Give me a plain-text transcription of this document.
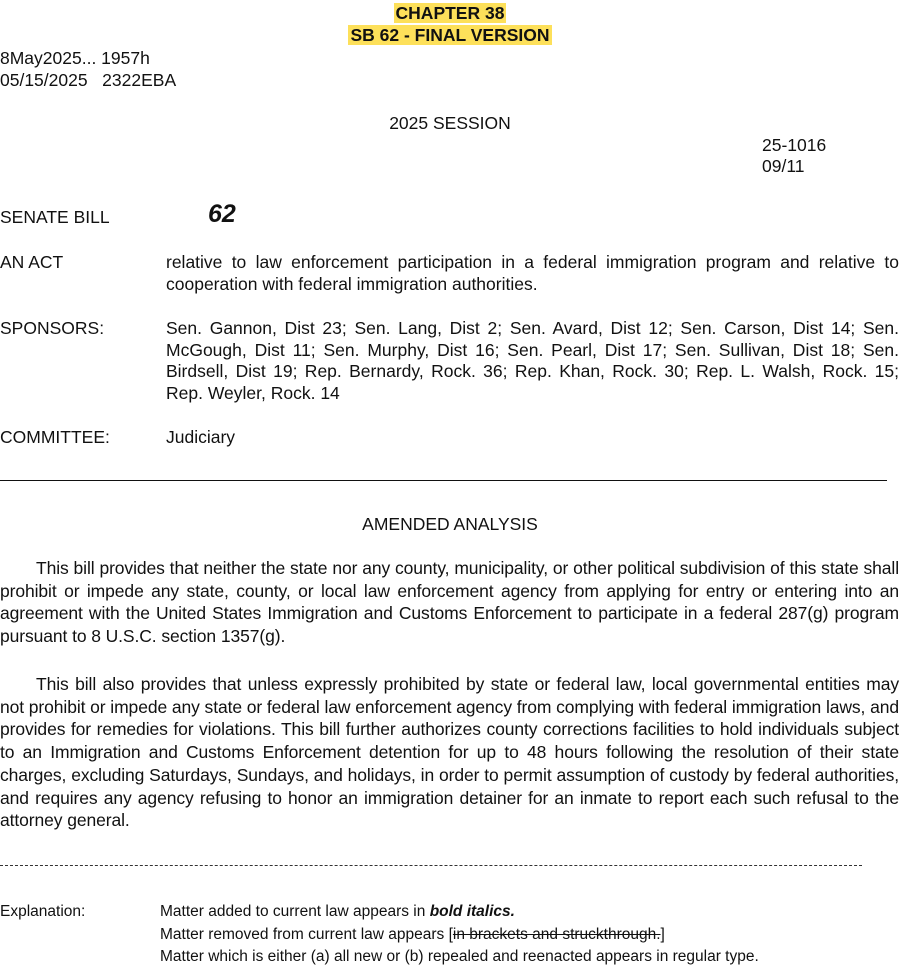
CHAPTER 38
SB 62 - FINAL VERSION
8May2025... 1957h
05/15/2025   2322EBA
2025 SESSION
25-1016
09/11
SENATE BILL	62
AN ACT	relative to law enforcement participation in a federal immigration program and relative to cooperation with federal immigration authorities.
SPONSORS:	Sen. Gannon, Dist 23; Sen. Lang, Dist 2; Sen. Avard, Dist 12; Sen. Carson, Dist 14; Sen. McGough, Dist 11; Sen. Murphy, Dist 16; Sen. Pearl, Dist 17; Sen. Sullivan, Dist 18; Sen. Birdsell, Dist 19; Rep. Bernardy, Rock. 36; Rep. Khan, Rock. 30; Rep. L. Walsh, Rock. 15; Rep. Weyler, Rock. 14
COMMITTEE:	Judiciary
AMENDED ANALYSIS
This bill provides that neither the state nor any county, municipality, or other political subdivision of this state shall prohibit or impede any state, county, or local law enforcement agency from applying for entry or entering into an agreement with the United States Immigration and Customs Enforcement to participate in a federal 287(g) program pursuant to 8 U.S.C. section 1357(g).
This bill also provides that unless expressly prohibited by state or federal law, local governmental entities may not prohibit or impede any state or federal law enforcement agency from complying with federal immigration laws, and provides for remedies for violations. This bill further authorizes county corrections facilities to hold individuals subject to an Immigration and Customs Enforcement detention for up to 48 hours following the resolution of their state charges, excluding Saturdays, Sundays, and holidays, in order to permit assumption of custody by federal authorities, and requires any agency refusing to honor an immigration detainer for an inmate to report each such refusal to the attorney general.
Explanation:	Matter added to current law appears in bold italics.
Matter removed from current law appears [in brackets and struckthrough.]
Matter which is either (a) all new or (b) repealed and reenacted appears in regular type.
